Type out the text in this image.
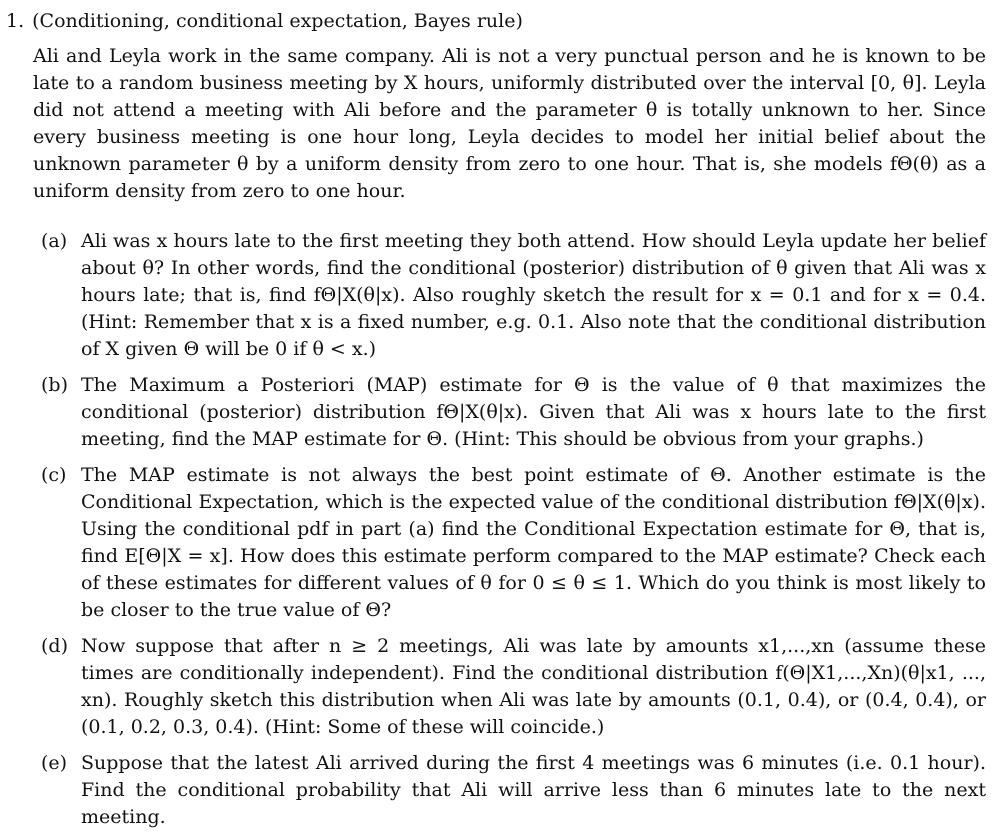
1. (Conditioning, conditional expectation, Bayes rule)
Ali and Leyla work in the same company. Ali is not a very punctual person and he is known to be late to a random business meeting by X hours, uniformly distributed over the interval [0, θ]. Leyla did not attend a meeting with Ali before and the parameter θ is totally unknown to her. Since every business meeting is one hour long, Leyla decides to model her initial belief about the unknown parameter θ by a uniform density from zero to one hour. That is, she models fΘ(θ) as a uniform density from zero to one hour.
(a) Ali was x hours late to the first meeting they both attend. How should Leyla update her belief about θ? In other words, find the conditional (posterior) distribution of θ given that Ali was x hours late; that is, find fΘ|X(θ|x). Also roughly sketch the result for x = 0.1 and for x = 0.4. (Hint: Remember that x is a fixed number, e.g. 0.1. Also note that the conditional distribution of X given Θ will be 0 if θ < x.)
(b) The Maximum a Posteriori (MAP) estimate for Θ is the value of θ that maximizes the conditional (posterior) distribution fΘ|X(θ|x). Given that Ali was x hours late to the first meeting, find the MAP estimate for Θ. (Hint: This should be obvious from your graphs.)
(c) The MAP estimate is not always the best point estimate of Θ. Another estimate is the Conditional Expectation, which is the expected value of the conditional distribution fΘ|X(θ|x). Using the conditional pdf in part (a) find the Conditional Expectation estimate for Θ, that is, find E[Θ|X = x]. How does this estimate perform compared to the MAP estimate? Check each of these estimates for different values of θ for 0 ≤ θ ≤ 1. Which do you think is most likely to be closer to the true value of Θ?
(d) Now suppose that after n ≥ 2 meetings, Ali was late by amounts x1,...,xn (assume these times are conditionally independent). Find the conditional distribution f(Θ|X1,...,Xn)(θ|x1, ..., xn). Roughly sketch this distribution when Ali was late by amounts (0.1, 0.4), or (0.4, 0.4), or (0.1, 0.2, 0.3, 0.4). (Hint: Some of these will coincide.)
(e) Suppose that the latest Ali arrived during the first 4 meetings was 6 minutes (i.e. 0.1 hour). Find the conditional probability that Ali will arrive less than 6 minutes late to the next meeting.
